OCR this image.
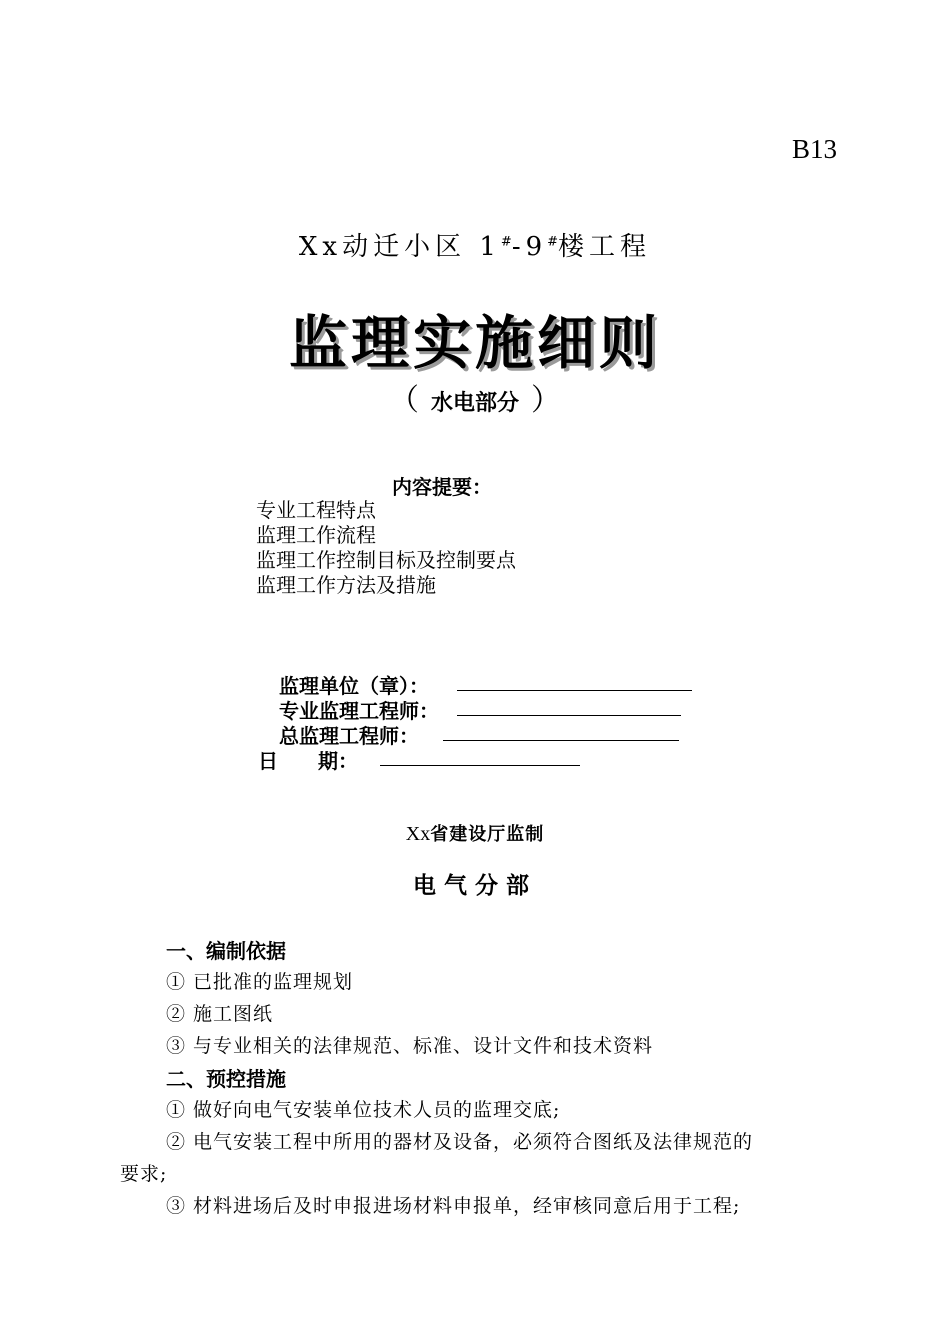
B13
Xx动迁小区 1#-9#楼工程
监理实施细则
（ 水电部分 ）
内容提要：
专业工程特点
监理工作流程
监理工作控制目标及控制要点
监理工作方法及措施
监理单位（章）：
专业监理工程师：
总监理工程师：
日　　期：
Xx省建设厅监制
电气分部
一、编制依据
① 已批准的监理规划
② 施工图纸
③ 与专业相关的法律规范、标准、设计文件和技术资料
二、预控措施
① 做好向电气安装单位技术人员的监理交底;
② 电气安装工程中所用的器材及设备，必须符合图纸及法律规范的
要求;
③ 材料进场后及时申报进场材料申报单，经审核同意后用于工程;
